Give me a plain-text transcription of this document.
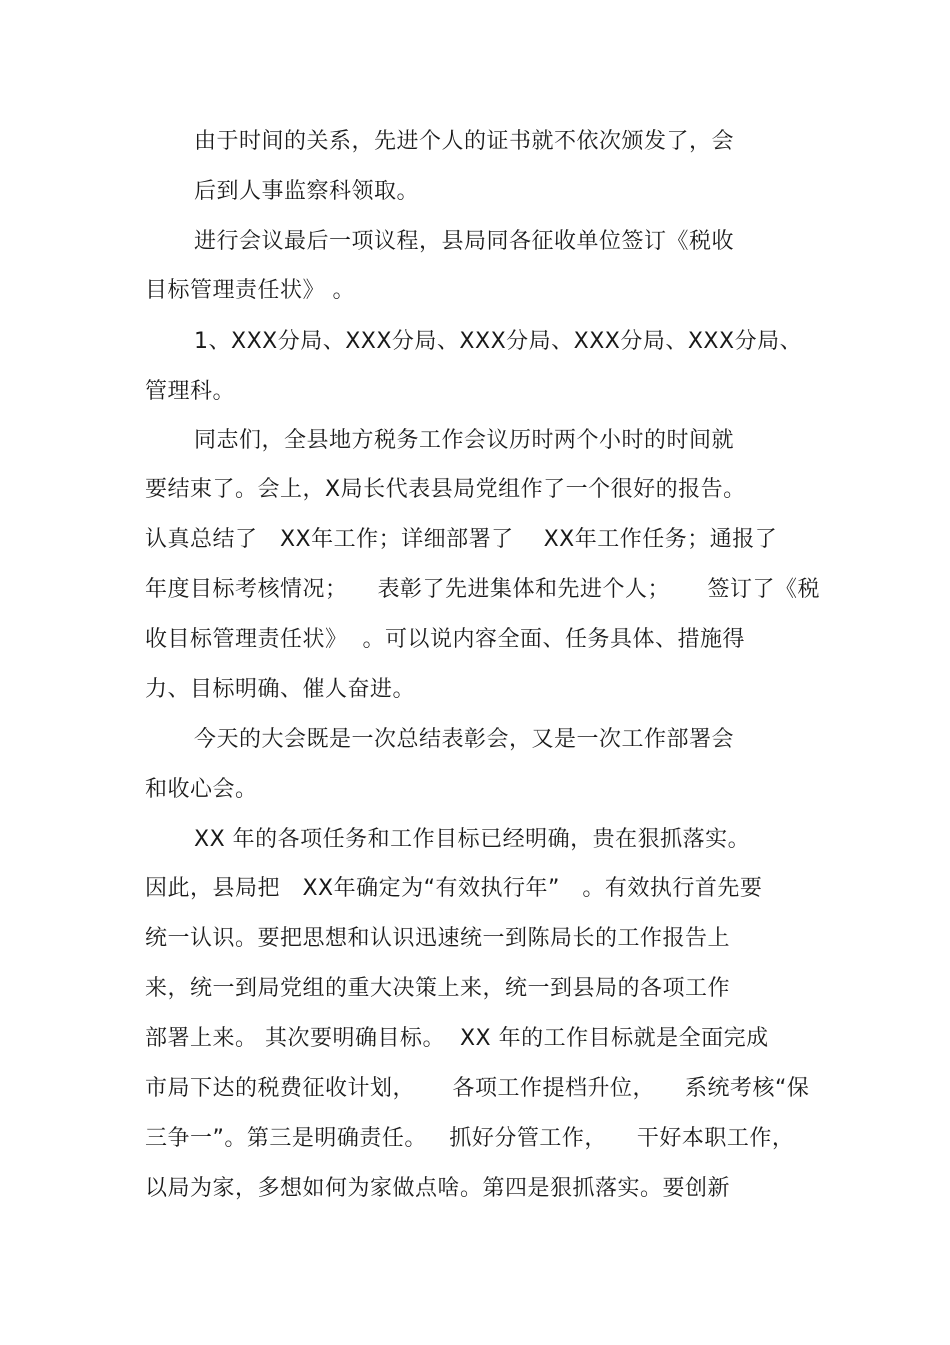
由于时间的关系，先进个人的证书就不依次颁发了，会

后到人事监察科领取。

进行会议最后一项议程，县局同各征收单位签订《税收

目标管理责任状》 。

1、XXX分局、XXX分局、XXX分局、XXX分局、XXX分局、

管理科。

同志们，全县地方税务工作会议历时两个小时的时间就

要结束了。会上，X局长代表县局党组作了一个很好的报告。

认真总结了   XX年工作；详细部署了    XX年工作任务；通报了

年度目标考核情况；    表彰了先进集体和先进个人；     签订了《税

收目标管理责任状》  。可以说内容全面、任务具体、措施得

力、目标明确、催人奋进。

今天的大会既是一次总结表彰会，又是一次工作部署会

和收心会。

XX 年的各项任务和工作目标已经明确，贵在狠抓落实。

因此，县局把   XX年确定为“有效执行年”   。有效执行首先要

统一认识。要把思想和认识迅速统一到陈局长的工作报告上

来，统一到局党组的重大决策上来，统一到县局的各项工作

部署上来。 其次要明确目标。  XX 年的工作目标就是全面完成

市局下达的税费征收计划，     各项工作提档升位，    系统考核“保

三争一”。第三是明确责任。   抓好分管工作，    干好本职工作，

以局为家，多想如何为家做点啥。第四是狠抓落实。要创新
